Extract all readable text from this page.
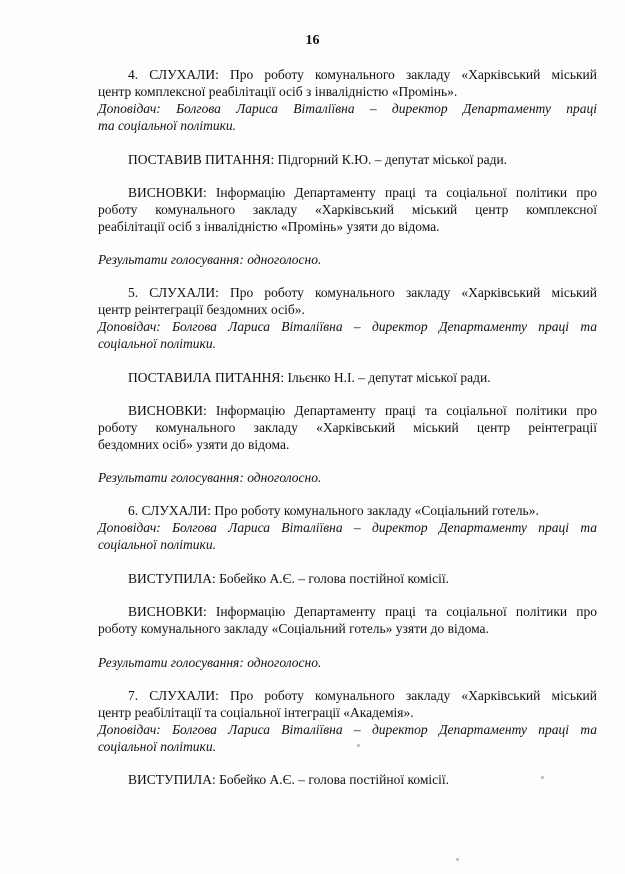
16
4. СЛУХАЛИ: Про роботу комунального закладу «Харківський міський
центр комплексної реабілітації осіб з інвалідністю «Промінь».
Доповідач: Болгова Лариса Віталіївна – директор Департаменту праці
та соціальної політики.
ПОСТАВИВ ПИТАННЯ: Підгорний К.Ю. – депутат міської ради.
ВИСНОВКИ: Інформацію Департаменту праці та соціальної політики про
роботу комунального закладу «Харківський міський центр комплексної
реабілітації осіб з інвалідністю «Промінь» узяти до відома.
Результати голосування: одноголосно.
5. СЛУХАЛИ: Про роботу комунального закладу «Харківський міський
центр реінтеграції бездомних осіб».
Доповідач: Болгова Лариса Віталіївна – директор Департаменту праці та
соціальної політики.
ПОСТАВИЛА ПИТАННЯ: Ільєнко Н.І. – депутат міської ради.
ВИСНОВКИ: Інформацію Департаменту праці та соціальної політики про
роботу комунального закладу «Харківський міський центр реінтеграції
бездомних осіб» узяти до відома.
Результати голосування: одноголосно.
6. СЛУХАЛИ: Про роботу комунального закладу «Соціальний готель».
Доповідач: Болгова Лариса Віталіївна – директор Департаменту праці та
соціальної політики.
ВИСТУПИЛА: Бобейко А.Є. – голова постійної комісії.
ВИСНОВКИ: Інформацію Департаменту праці та соціальної політики про
роботу комунального закладу «Соціальний готель» узяти до відома.
Результати голосування: одноголосно.
7. СЛУХАЛИ: Про роботу комунального закладу «Харківський міський
центр реабілітації та соціальної інтеграції «Академія».
Доповідач: Болгова Лариса Віталіївна – директор Департаменту праці та
соціальної політики.
ВИСТУПИЛА: Бобейко А.Є. – голова постійної комісії.
